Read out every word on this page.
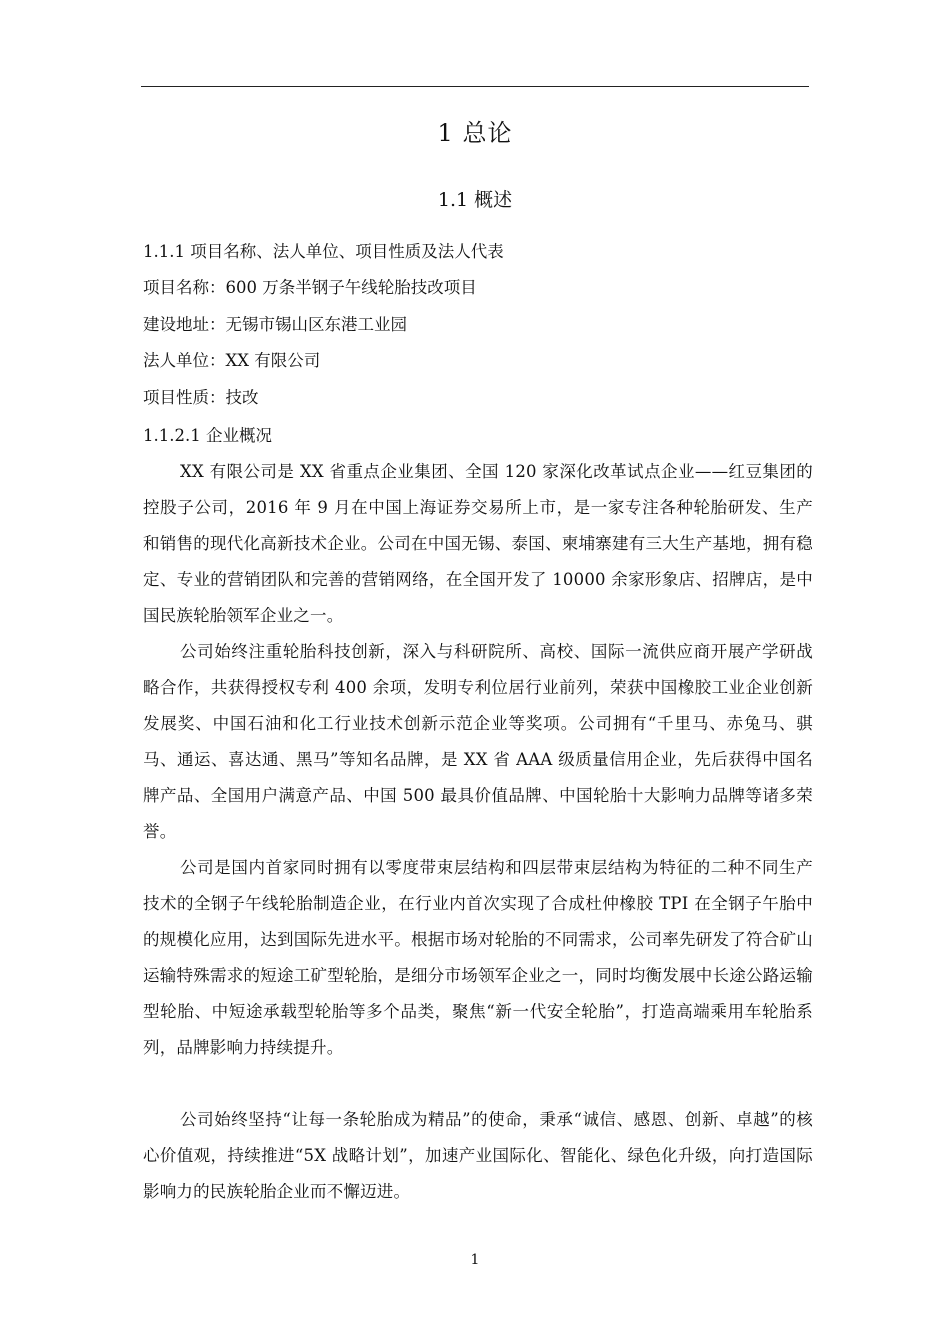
1 总论
1.1 概述
1.1.1 项目名称、法人单位、项目性质及法人代表
项目名称：600 万条半钢子午线轮胎技改项目
建设地址：无锡市锡山区东港工业园
法人单位：XX 有限公司
项目性质：技改
1.1.2.1 企业概况
XX 有限公司是 XX 省重点企业集团、全国 120 家深化改革试点企业——红豆集团的控股子公司，2016 年 9 月在中国上海证券交易所上市，是一家专注各种轮胎研发、生产和销售的现代化高新技术企业。公司在中国无锡、泰国、柬埔寨建有三大生产基地，拥有稳定、专业的营销团队和完善的营销网络，在全国开发了 10000 余家形象店、招牌店，是中国民族轮胎领军企业之一。
公司始终注重轮胎科技创新，深入与科研院所、高校、国际一流供应商开展产学研战略合作，共获得授权专利 400 余项，发明专利位居行业前列，荣获中国橡胶工业企业创新发展奖、中国石油和化工行业技术创新示范企业等奖项。公司拥有“千里马、赤兔马、骐马、通运、喜达通、黑马”等知名品牌，是 XX 省 AAA 级质量信用企业，先后获得中国名牌产品、全国用户满意产品、中国 500 最具价值品牌、中国轮胎十大影响力品牌等诸多荣誉。
公司是国内首家同时拥有以零度带束层结构和四层带束层结构为特征的二种不同生产技术的全钢子午线轮胎制造企业，在行业内首次实现了合成杜仲橡胶 TPI 在全钢子午胎中的规模化应用，达到国际先进水平。根据市场对轮胎的不同需求，公司率先研发了符合矿山运输特殊需求的短途工矿型轮胎，是细分市场领军企业之一，同时均衡发展中长途公路运输型轮胎、中短途承载型轮胎等多个品类，聚焦“新一代安全轮胎”，打造高端乘用车轮胎系列，品牌影响力持续提升。
公司始终坚持“让每一条轮胎成为精品”的使命，秉承“诚信、感恩、创新、卓越”的核心价值观，持续推进“5X 战略计划”，加速产业国际化、智能化、绿色化升级，向打造国际影响力的民族轮胎企业而不懈迈进。
1
